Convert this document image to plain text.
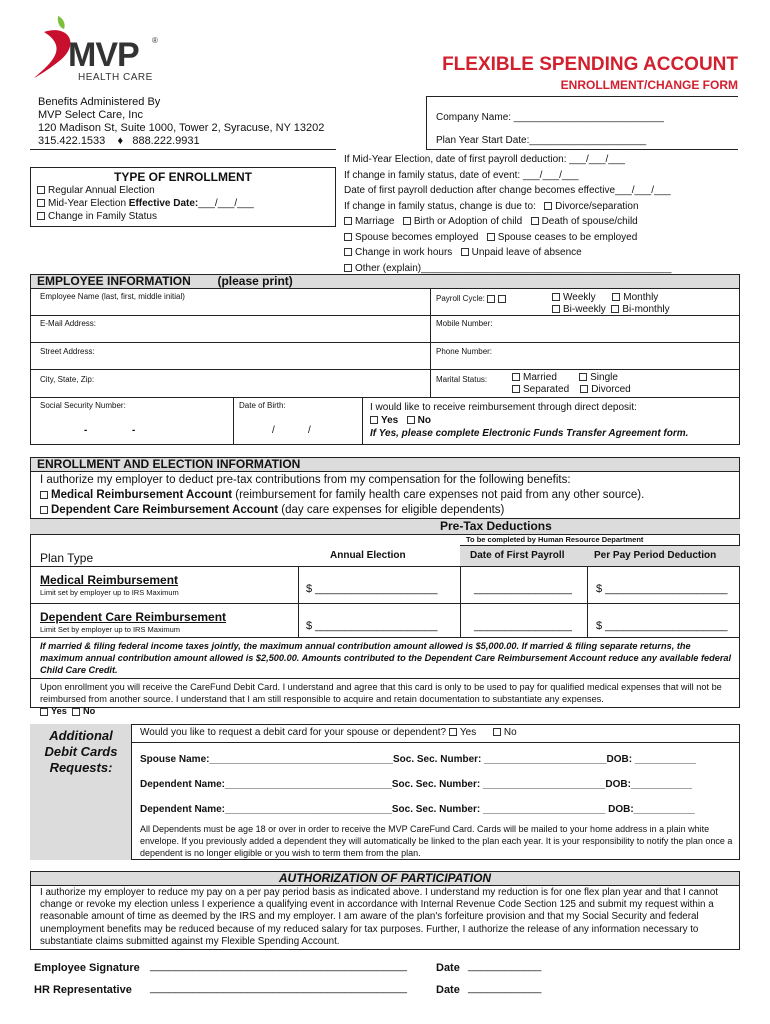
MVP ®
HEALTH CARE
FLEXIBLE SPENDING ACCOUNT
ENROLLMENT/CHANGE FORM
Benefits Administered By
MVP Select Care, Inc
120 Madison St, Suite 1000, Tower 2, Syracuse, NY 13202
315.422.1533 ♦ 888.222.9931
Company Name: ___________________________
Plan Year Start Date:_____________________
If Mid-Year Election, date of first payroll deduction: ___/___/___
If change in family status, date of event: ___/___/___
Date of first payroll deduction after change becomes effective___/___/___
If change in family status, change is due to: Divorce/separation
Marriage Birth or Adoption of child Death of spouse/child
Spouse becomes employed Spouse ceases to be employed
Change in work hours Unpaid leave of absence
Other (explain)_____________________________________________
TYPE OF ENROLLMENT
Regular Annual Election
Mid-Year Election Effective Date:___/___/___
Change in Family Status
EMPLOYEE INFORMATION (please print)
Employee Name (last, first, middle initial)	Payroll Cycle:	Weekly	Monthly
Bi-weekly Bi-monthly
E-Mail Address:	Mobile Number:
Street Address:	Phone Number:
City, State, Zip:	Marital Status:	Married	Single
Separated Divorced
Social Security Number:
-	-
Date of Birth:
/	/
I would like to receive reimbursement through direct deposit:
Yes No
If Yes, please complete Electronic Funds Transfer Agreement form.
ENROLLMENT AND ELECTION INFORMATION
I authorize my employer to deduct pre-tax contributions from my compensation for the following benefits:
Medical Reimbursement Account (reimbursement for family health care expenses not paid from any other source).
Dependent Care Reimbursement Account (day care expenses for eligible dependents)
Pre-Tax Deductions
To be completed by Human Resource Department
Plan Type	Annual Election	Date of First Payroll	Per Pay Period Deduction
Medical Reimbursement
Limit set by employer up to IRS Maximum	$ ____________________	________________ $ ____________________
Dependent Care Reimbursement
Limit Set by employer up to IRS Maximum	$ ____________________	________________ $ ____________________
If married & filing federal income taxes jointly, the maximum annual contribution amount allowed is $5,000.00. If married & filing separate returns, the maximum annual contribution amount allowed is $2,500.00. Amounts contributed to the Dependent Care Reimbursement Account reduce any available federal Child Care Credit.
Upon enrollment you will receive the CareFund Debit Card. I understand and agree that this card is only to be used to pay for qualified medical expenses that will not be reimbursed from another source. I understand that I am still responsible to acquire and retain documentation to substantiate any expenses.
Yes No
Additional
Debit Cards
Requests:
Would you like to request a debit card for your spouse or dependent? Yes	No
Spouse Name:_________________________________Soc. Sec. Number: ______________________DOB: ___________
Dependent Name:______________________________Soc. Sec. Number: ______________________DOB:___________
Dependent Name:______________________________Soc. Sec. Number: ______________________ DOB:___________
All Dependents must be age 18 or over in order to receive the MVP CareFund Card. Cards will be mailed to your home address in a plain white envelope. If you previously added a dependent they will automatically be linked to the plan each year. It is your responsibility to notify the plan once a dependent is no longer eligible or you wish to term them from the plan.
AUTHORIZATION OF PARTICIPATION
I authorize my employer to reduce my pay on a per pay period basis as indicated above. I understand my reduction is for one flex plan year and that I cannot change or revoke my election unless I experience a qualifying event in accordance with Internal Revenue Code Section 125 and submit my request within a reasonable amount of time as deemed by the IRS and my employer. I am aware of the plan's forfeiture provision and that my Social Security and federal unemployment benefits may be reduced because of my reduced salary for tax purposes. Further, I authorize the release of any information necessary to substantiate claims submitted against my Flexible Spending Account.
Employee Signature __________________________________________	Date ____________
HR Representative __________________________________________	Date ____________
